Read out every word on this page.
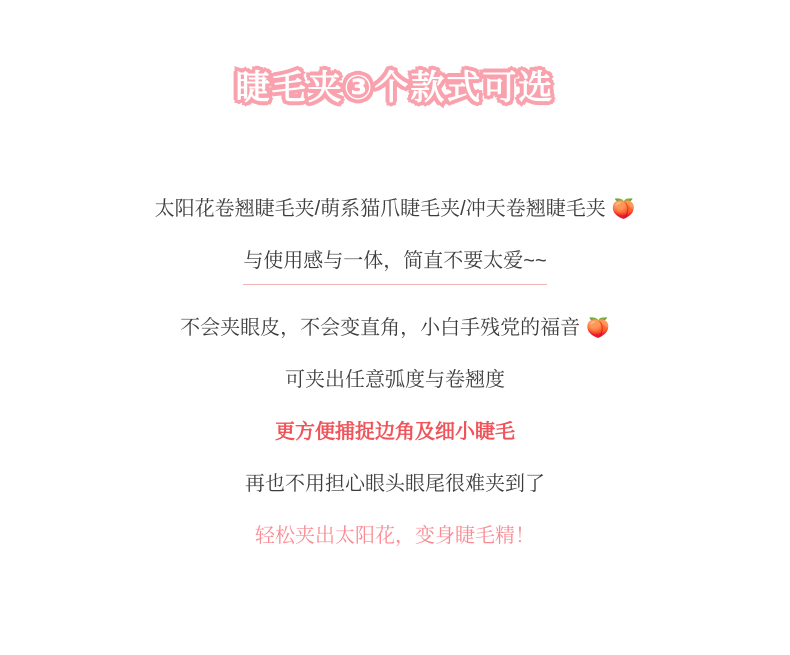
睫毛夹③个款式可选
太阳花卷翘睫毛夹/萌系猫爪睫毛夹/冲天卷翘睫毛夹 🍑
与使用感与一体，简直不要太爱~~
不会夹眼皮，不会变直角，小白手残党的福音 🍑
可夹出任意弧度与卷翘度
更方便捕捉边角及细小睫毛
再也不用担心眼头眼尾很难夹到了
轻松夹出太阳花，变身睫毛精！
